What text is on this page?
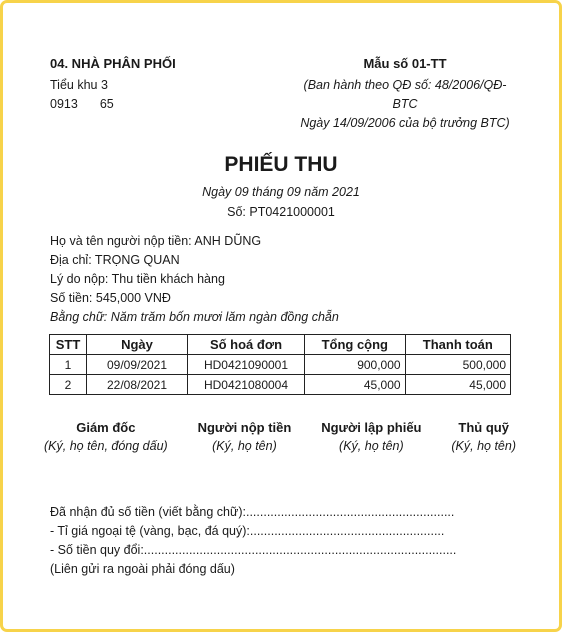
04. NHÀ PHÂN PHỐI
Tiểu khu 3
0913 65
Mẫu số 01-TT
(Ban hành theo QĐ số: 48/2006/QĐ-
BTC
Ngày 14/09/2006 của bộ trưởng BTC)
PHIẾU THU
Ngày 09 tháng 09 năm 2021
Số: PT0421000001
Họ và tên người nộp tiền: ANH DŨNG
Địa chỉ: TRỌNG QUAN
Lý do nộp: Thu tiền khách hàng
Số tiền: 545,000 VNĐ
Bằng chữ: Năm trăm bốn mươi lăm ngàn đồng chẵn
STT	Ngày	Số hoá đơn	Tổng cộng	Thanh toán
1	09/09/2021	HD0421090001	900,000	500,000
2	22/08/2021	HD0421080004	45,000	45,000
Giám đốc
(Ký, họ tên, đóng dấu)
Người nộp tiền
(Ký, họ tên)
Người lập phiếu
(Ký, họ tên)
Thủ quỹ
(Ký, họ tên)
Đã nhận đủ số tiền (viết bằng chữ):............................................................
- Tỉ giá ngoại tệ (vàng, bạc, đá quý):........................................................
- Số tiền quy đổi:..........................................................................................
(Liên gửi ra ngoài phải đóng dấu)
